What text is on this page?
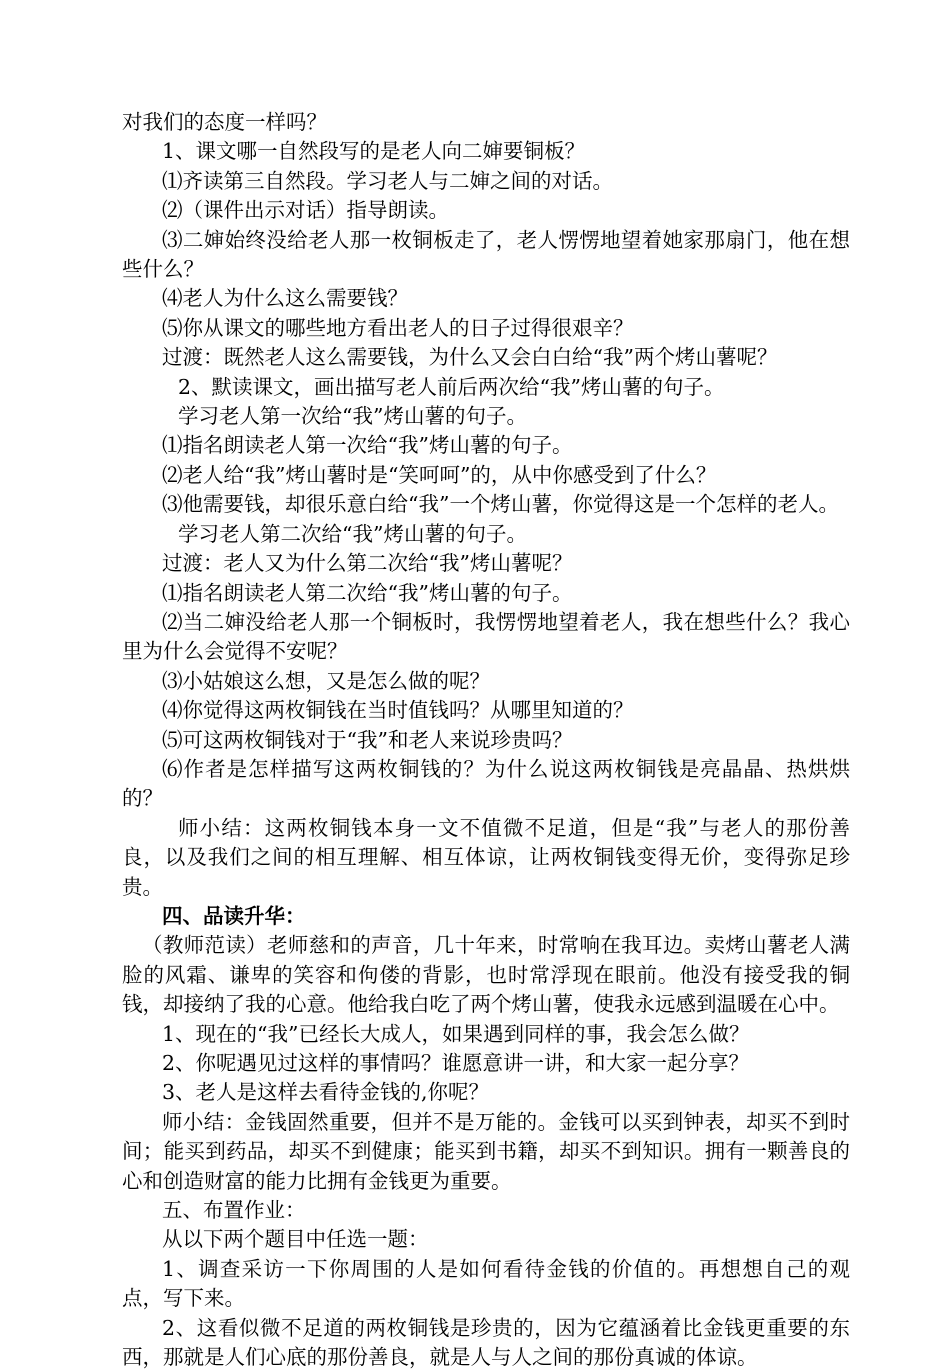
对我们的态度一样吗？

1、课文哪一自然段写的是老人向二婶要铜板？

⑴齐读第三自然段。学习老人与二婶之间的对话。

⑵（课件出示对话）指导朗读。

⑶二婶始终没给老人那一枚铜板走了，老人愣愣地望着她家那扇门，他在想些什么？

⑷老人为什么这么需要钱？

⑸你从课文的哪些地方看出老人的日子过得很艰辛？

过渡：既然老人这么需要钱，为什么又会白白给“我”两个烤山薯呢？

2、默读课文，画出描写老人前后两次给“我”烤山薯的句子。

学习老人第一次给“我”烤山薯的句子。

⑴指名朗读老人第一次给“我”烤山薯的句子。

⑵老人给“我”烤山薯时是“笑呵呵”的，从中你感受到了什么？

⑶他需要钱，却很乐意白给“我”一个烤山薯，你觉得这是一个怎样的老人。

学习老人第二次给“我”烤山薯的句子。

过渡：老人又为什么第二次给“我”烤山薯呢？

⑴指名朗读老人第二次给“我”烤山薯的句子。

⑵当二婶没给老人那一个铜板时，我愣愣地望着老人，我在想些什么？我心里为什么会觉得不安呢？

⑶小姑娘这么想，又是怎么做的呢？

⑷你觉得这两枚铜钱在当时值钱吗？从哪里知道的？

⑸可这两枚铜钱对于“我”和老人来说珍贵吗？

⑹作者是怎样描写这两枚铜钱的？为什么说这两枚铜钱是亮晶晶、热烘烘的？

师小结：这两枚铜钱本身一文不值微不足道，但是“我”与老人的那份善良，以及我们之间的相互理解、相互体谅，让两枚铜钱变得无价，变得弥足珍贵。

四、品读升华：

（教师范读）老师慈和的声音，几十年来，时常响在我耳边。卖烤山薯老人满脸的风霜、谦卑的笑容和佝偻的背影，也时常浮现在眼前。他没有接受我的铜钱，却接纳了我的心意。他给我白吃了两个烤山薯，使我永远感到温暖在心中。

1、现在的“我”已经长大成人，如果遇到同样的事，我会怎么做？

2、你呢遇见过这样的事情吗？谁愿意讲一讲，和大家一起分享？

3、老人是这样去看待金钱的,你呢？

师小结：金钱固然重要，但并不是万能的。金钱可以买到钟表，却买不到时间；能买到药品，却买不到健康；能买到书籍，却买不到知识。拥有一颗善良的心和创造财富的能力比拥有金钱更为重要。

五、布置作业：

从以下两个题目中任选一题：

1、调查采访一下你周围的人是如何看待金钱的价值的。再想想自己的观点，写下来。

2、这看似微不足道的两枚铜钱是珍贵的，因为它蕴涵着比金钱更重要的东西，那就是人们心底的那份善良，就是人与人之间的那份真诚的体谅。
